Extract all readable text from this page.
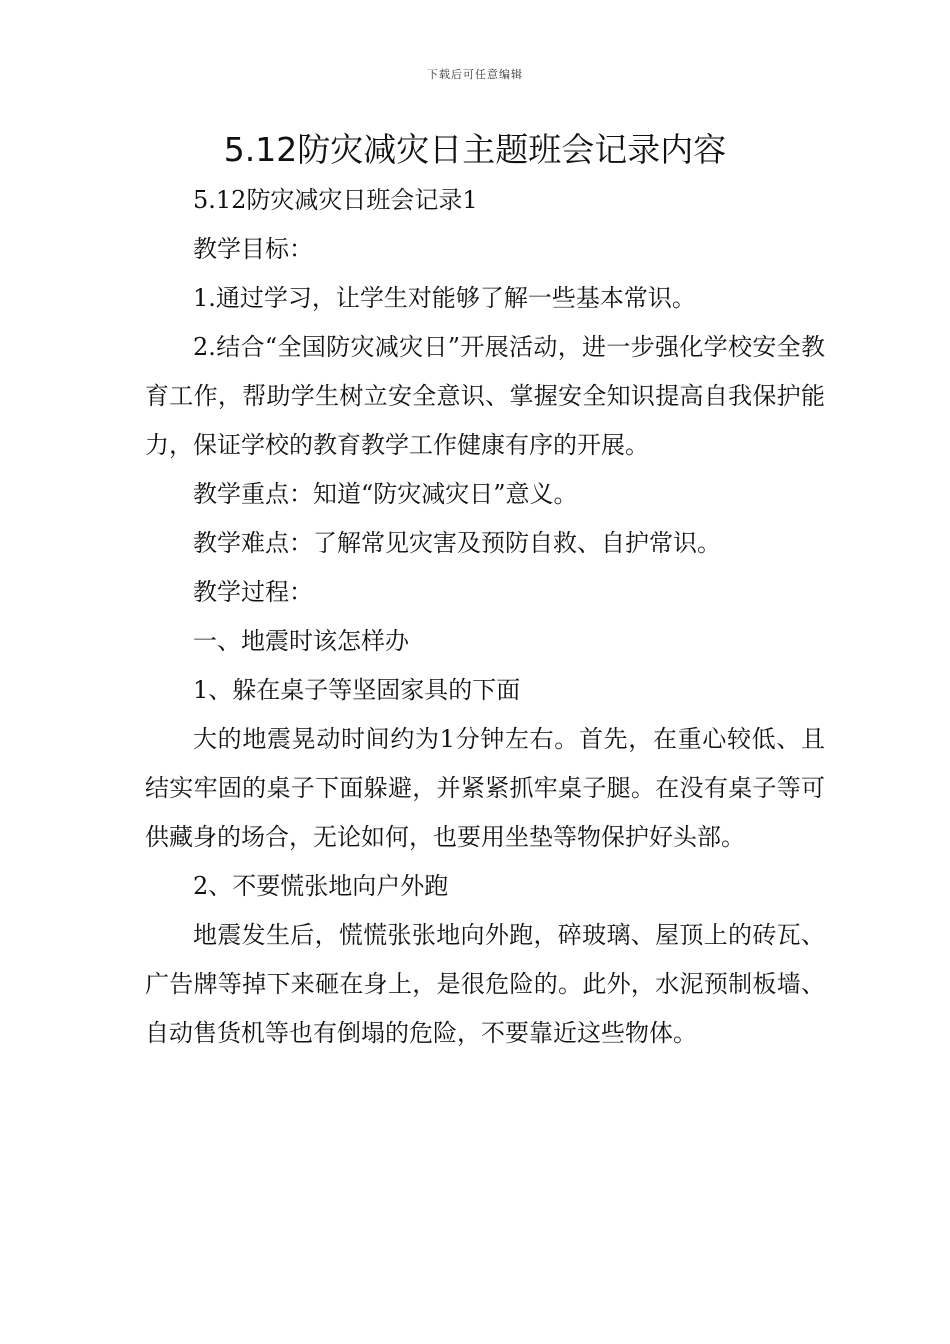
下载后可任意编辑
5.12防灾减灾日主题班会记录内容

5.12防灾减灾日班会记录1

教学目标：

1.通过学习，让学生对能够了解一些基本常识。

2.结合“全国防灾减灾日”开展活动，进一步强化学校安全教育工作，帮助学生树立安全意识、掌握安全知识提高自我保护能力，保证学校的教育教学工作健康有序的开展。

教学重点：知道“防灾减灾日”意义。

教学难点：了解常见灾害及预防自救、自护常识。

教学过程：

一、地震时该怎样办

1、躲在桌子等坚固家具的下面

大的地震晃动时间约为1分钟左右。首先，在重心较低、且结实牢固的桌子下面躲避，并紧紧抓牢桌子腿。在没有桌子等可供藏身的场合，无论如何，也要用坐垫等物保护好头部。

2、不要慌张地向户外跑

地震发生后，慌慌张张地向外跑，碎玻璃、屋顶上的砖瓦、广告牌等掉下来砸在身上，是很危险的。此外，水泥预制板墙、自动售货机等也有倒塌的危险，不要靠近这些物体。
